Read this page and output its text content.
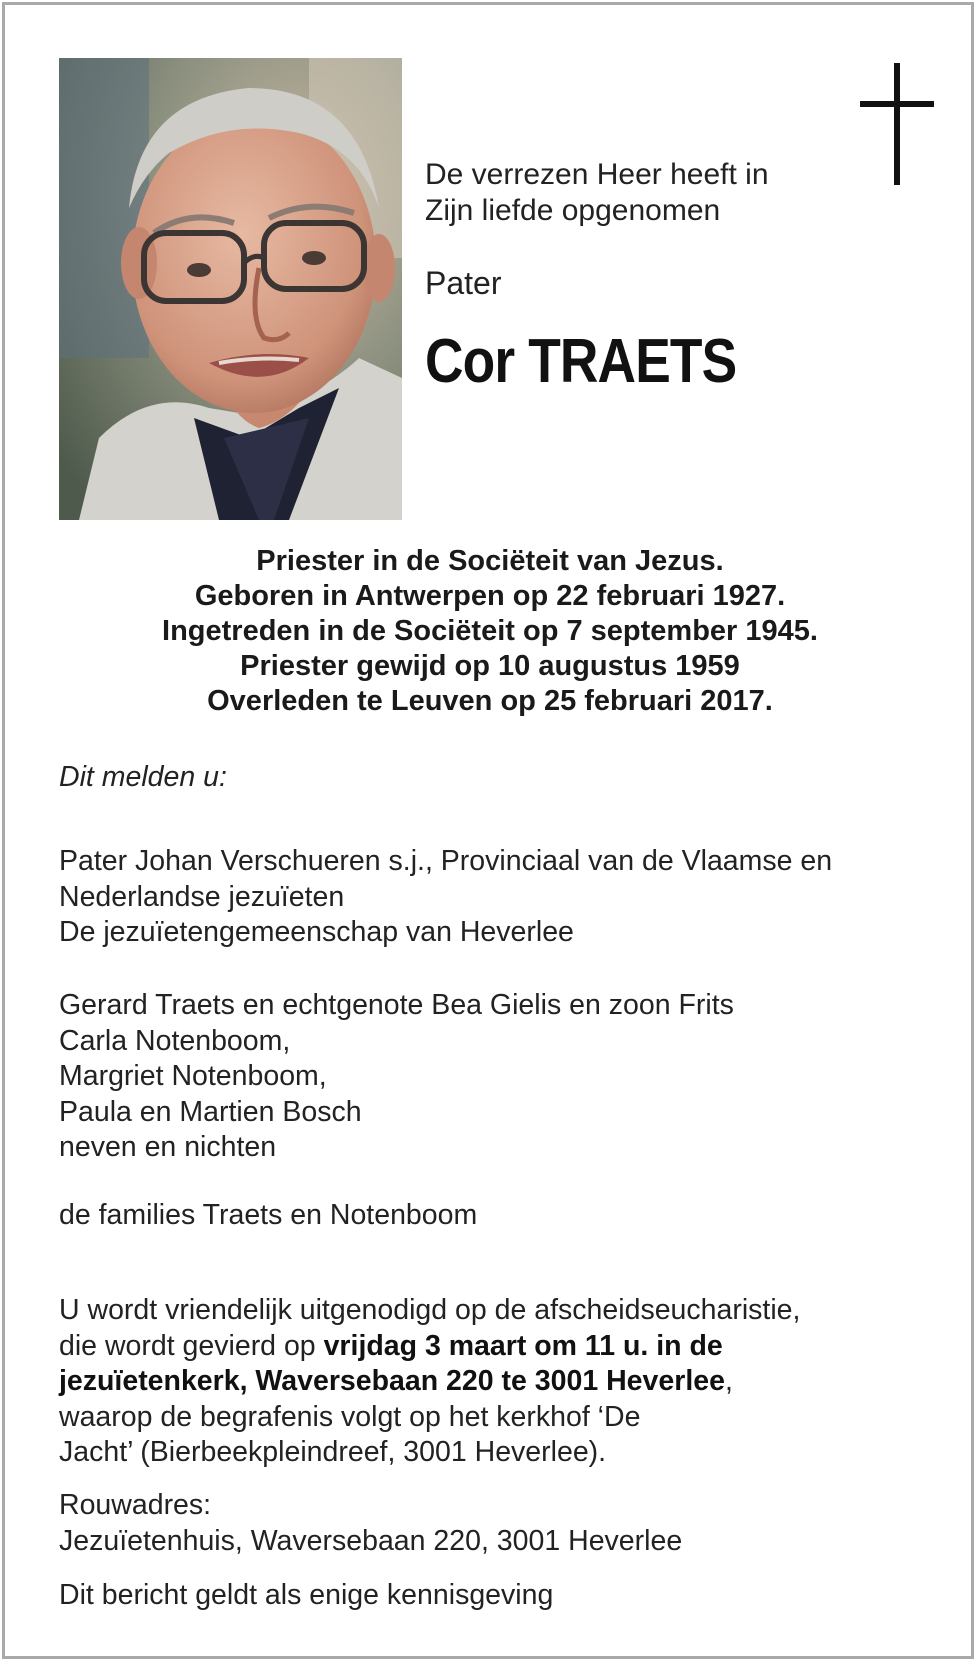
De verrezen Heer heeft in
Zijn liefde opgenomen
Pater
Cor TRAETS
Priester in de Sociëteit van Jezus.
Geboren in Antwerpen op 22 februari 1927.
Ingetreden in de Sociëteit op 7 september 1945.
Priester gewijd op 10 augustus 1959
Overleden te Leuven op 25 februari 2017.
Dit melden u:
Pater Johan Verschueren s.j., Provinciaal van de Vlaamse en
Nederlandse jezuïeten
De jezuïetengemeenschap van Heverlee
Gerard Traets en echtgenote Bea Gielis en zoon Frits
Carla Notenboom,
Margriet Notenboom,
Paula en Martien Bosch
neven en nichten
de families Traets en Notenboom
U wordt vriendelijk uitgenodigd op de afscheidseucharistie,
die wordt gevierd op vrijdag 3 maart om 11 u. in de
jezuïetenkerk, Waversebaan 220 te 3001 Heverlee,
waarop de begrafenis volgt op het kerkhof ‘De
Jacht’ (Bierbeekpleindreef, 3001 Heverlee).
Rouwadres:
Jezuïetenhuis, Waversebaan 220, 3001 Heverlee
Dit bericht geldt als enige kennisgeving
